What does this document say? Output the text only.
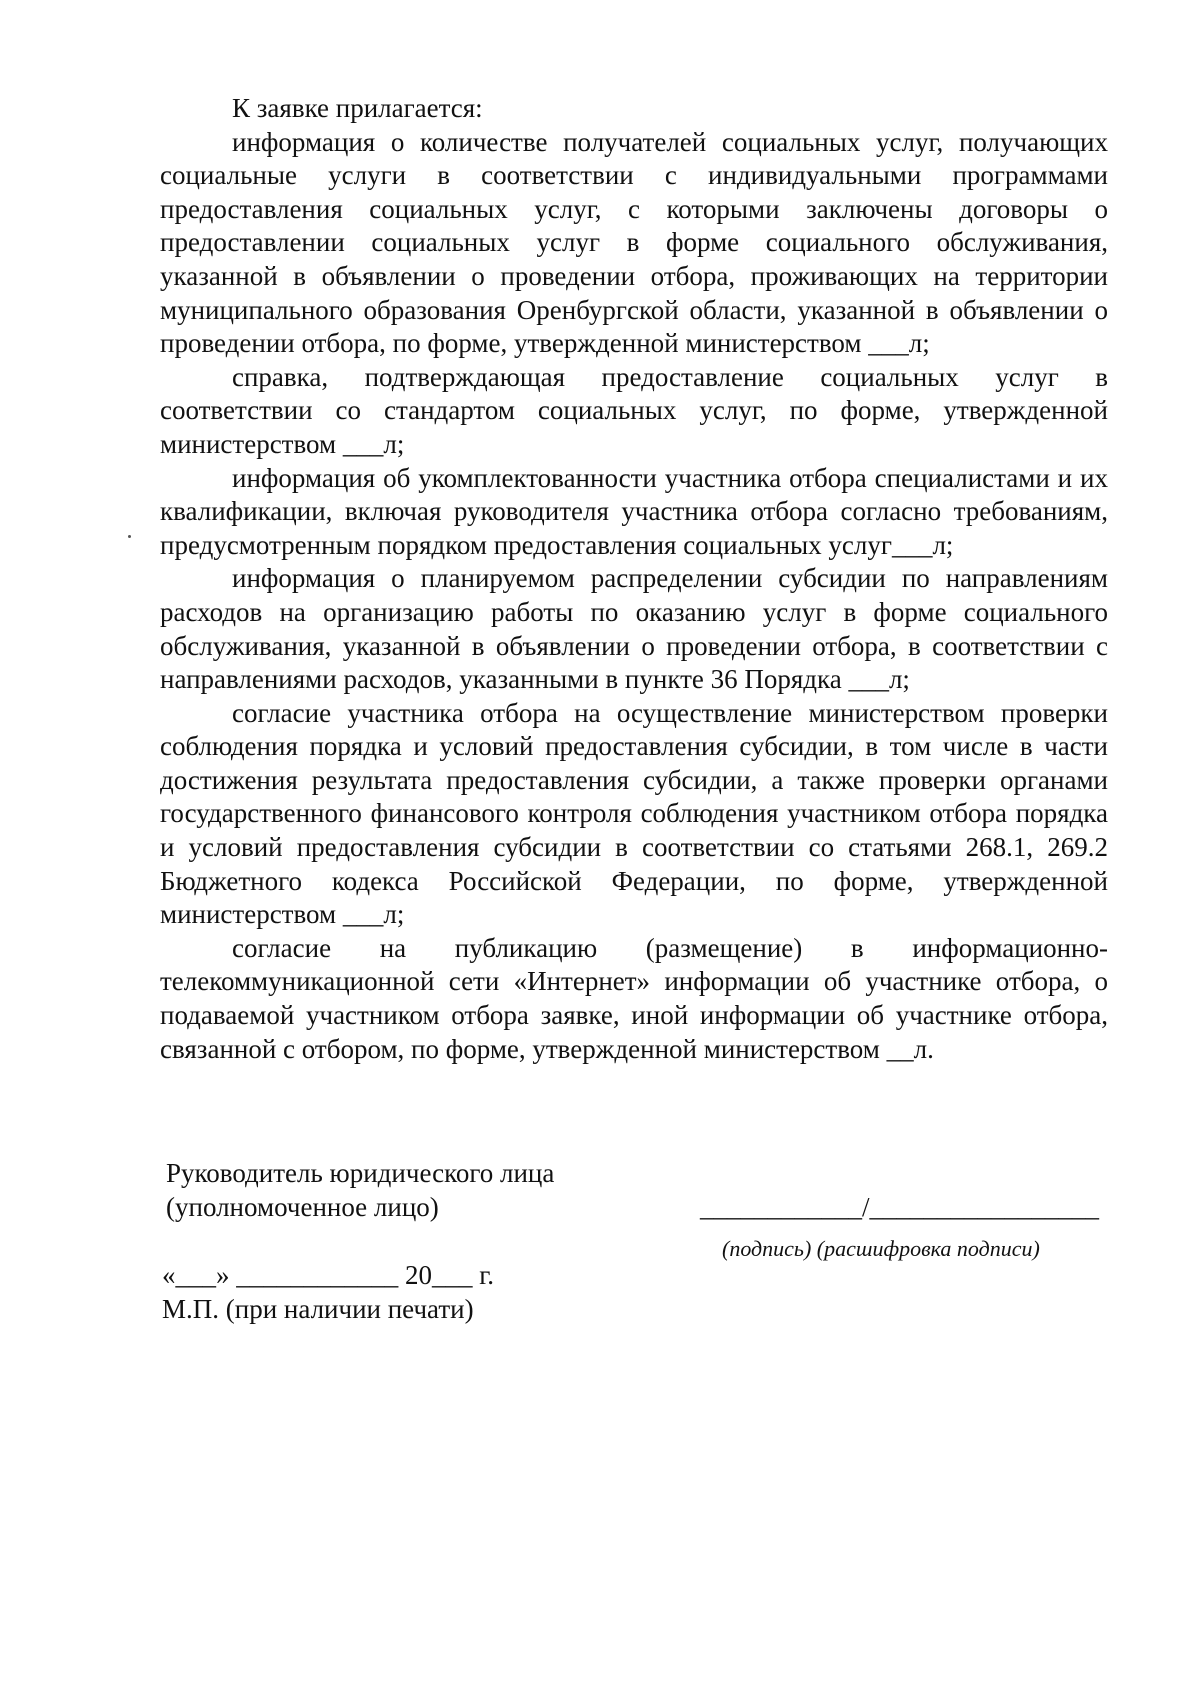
К заявке прилагается:

информация о количестве получателей социальных услуг, получающих социальные услуги в соответствии с индивидуальными программами предоставления социальных услуг, с которыми заключены договоры о предоставлении социальных услуг в форме социального обслуживания, указанной в объявлении о проведении отбора, проживающих на территории муниципального образования Оренбургской области, указанной в объявлении о проведении отбора, по форме, утвержденной министерством ___л;

справка, подтверждающая предоставление социальных услуг в соответствии со стандартом социальных услуг, по форме, утвержденной министерством ___л;

информация об укомплектованности участника отбора специалистами и их квалификации, включая руководителя участника отбора согласно требованиям, предусмотренным порядком предоставления социальных услуг___л;

информация о планируемом распределении субсидии по направлениям расходов на организацию работы по оказанию услуг в форме социального обслуживания, указанной в объявлении о проведении отбора, в соответствии с направлениями расходов, указанными в пункте 36 Порядка ___л;

согласие участника отбора на осуществление министерством проверки соблюдения порядка и условий предоставления субсидии, в том числе в части достижения результата предоставления субсидии, а также проверки органами государственного финансового контроля соблюдения участником отбора порядка и условий предоставления субсидии в соответствии со статьями 268.1, 269.2 Бюджетного кодекса Российской Федерации, по форме, утвержденной министерством ___л;

согласие на публикацию (размещение) в информационно-телекоммуникационной сети «Интернет» информации об участнике отбора, о подаваемой участником отбора заявке, иной информации об участнике отбора, связанной с отбором, по форме, утвержденной министерством __л.

Руководитель юридического лица
(уполномоченное лицо)	____________/_________________
(подпись) (расшифровка подписи)
«___» ____________ 20___ г.
М.П. (при наличии печати)
